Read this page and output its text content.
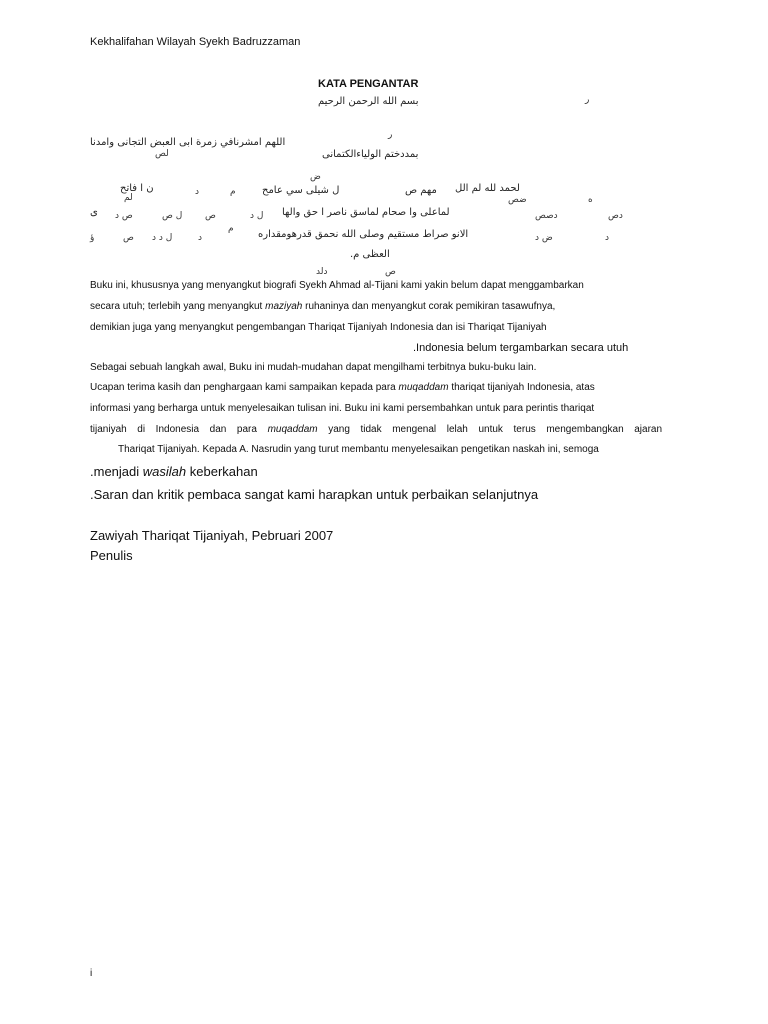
Kekhalifahan Wilayah Syekh Badruzzaman
KATA PENGANTAR
بسم الله الرحمن الرحيم	ر
ر
اللهم امشرنافي زمرة ابى العبض التجانى وامدنا
لص	بمددختم الولياءالكتمانى
ن ا فاتح
لم
د	م	ل شيلى سي عامح
ض
مهم ص لحمد لله لم الل
ضص	ه
ى ص د	ل ص	ص	ل د لماعلى وا صحام لماسق ناصر ا حق والها	دصص	دص
ؤ	ص ل د د	د
م الانو صراط مستقيم وصلى الله نحمق قدرهومقداره	ض د	د
العظى م.
دلد	ص
Buku ini, khususnya yang menyangkut biografi Syekh Ahmad al-Tijani kami yakin belum dapat menggambarkan
secara utuh; terlebih yang menyangkut maziyah ruhaninya dan menyangkut corak pemikiran tasawufnya,
demikian juga yang menyangkut pengembangan Thariqat Tijaniyah Indonesia dan isi Thariqat Tijaniyah
.Indonesia belum tergambarkan secara utuh
Sebagai sebuah langkah awal, Buku ini mudah-mudahan dapat mengilhami terbitnya buku-buku lain.
Ucapan terima kasih dan penghargaan kami sampaikan kepada para muqaddam thariqat tijaniyah Indonesia, atas
informasi yang berharga untuk menyelesaikan tulisan ini. Buku ini kami persembahkan untuk para perintis thariqat
tijaniyah di Indonesia dan para muqaddam yang tidak mengenal lelah untuk terus mengembangkan ajaran
Thariqat Tijaniyah. Kepada A. Nasrudin yang turut membantu menyelesaikan pengetikan naskah ini, semoga
.menjadi wasilah keberkahan
.Saran dan kritik pembaca sangat kami harapkan untuk perbaikan selanjutnya
Zawiyah Thariqat Tijaniyah, Pebruari 2007
Penulis
i
